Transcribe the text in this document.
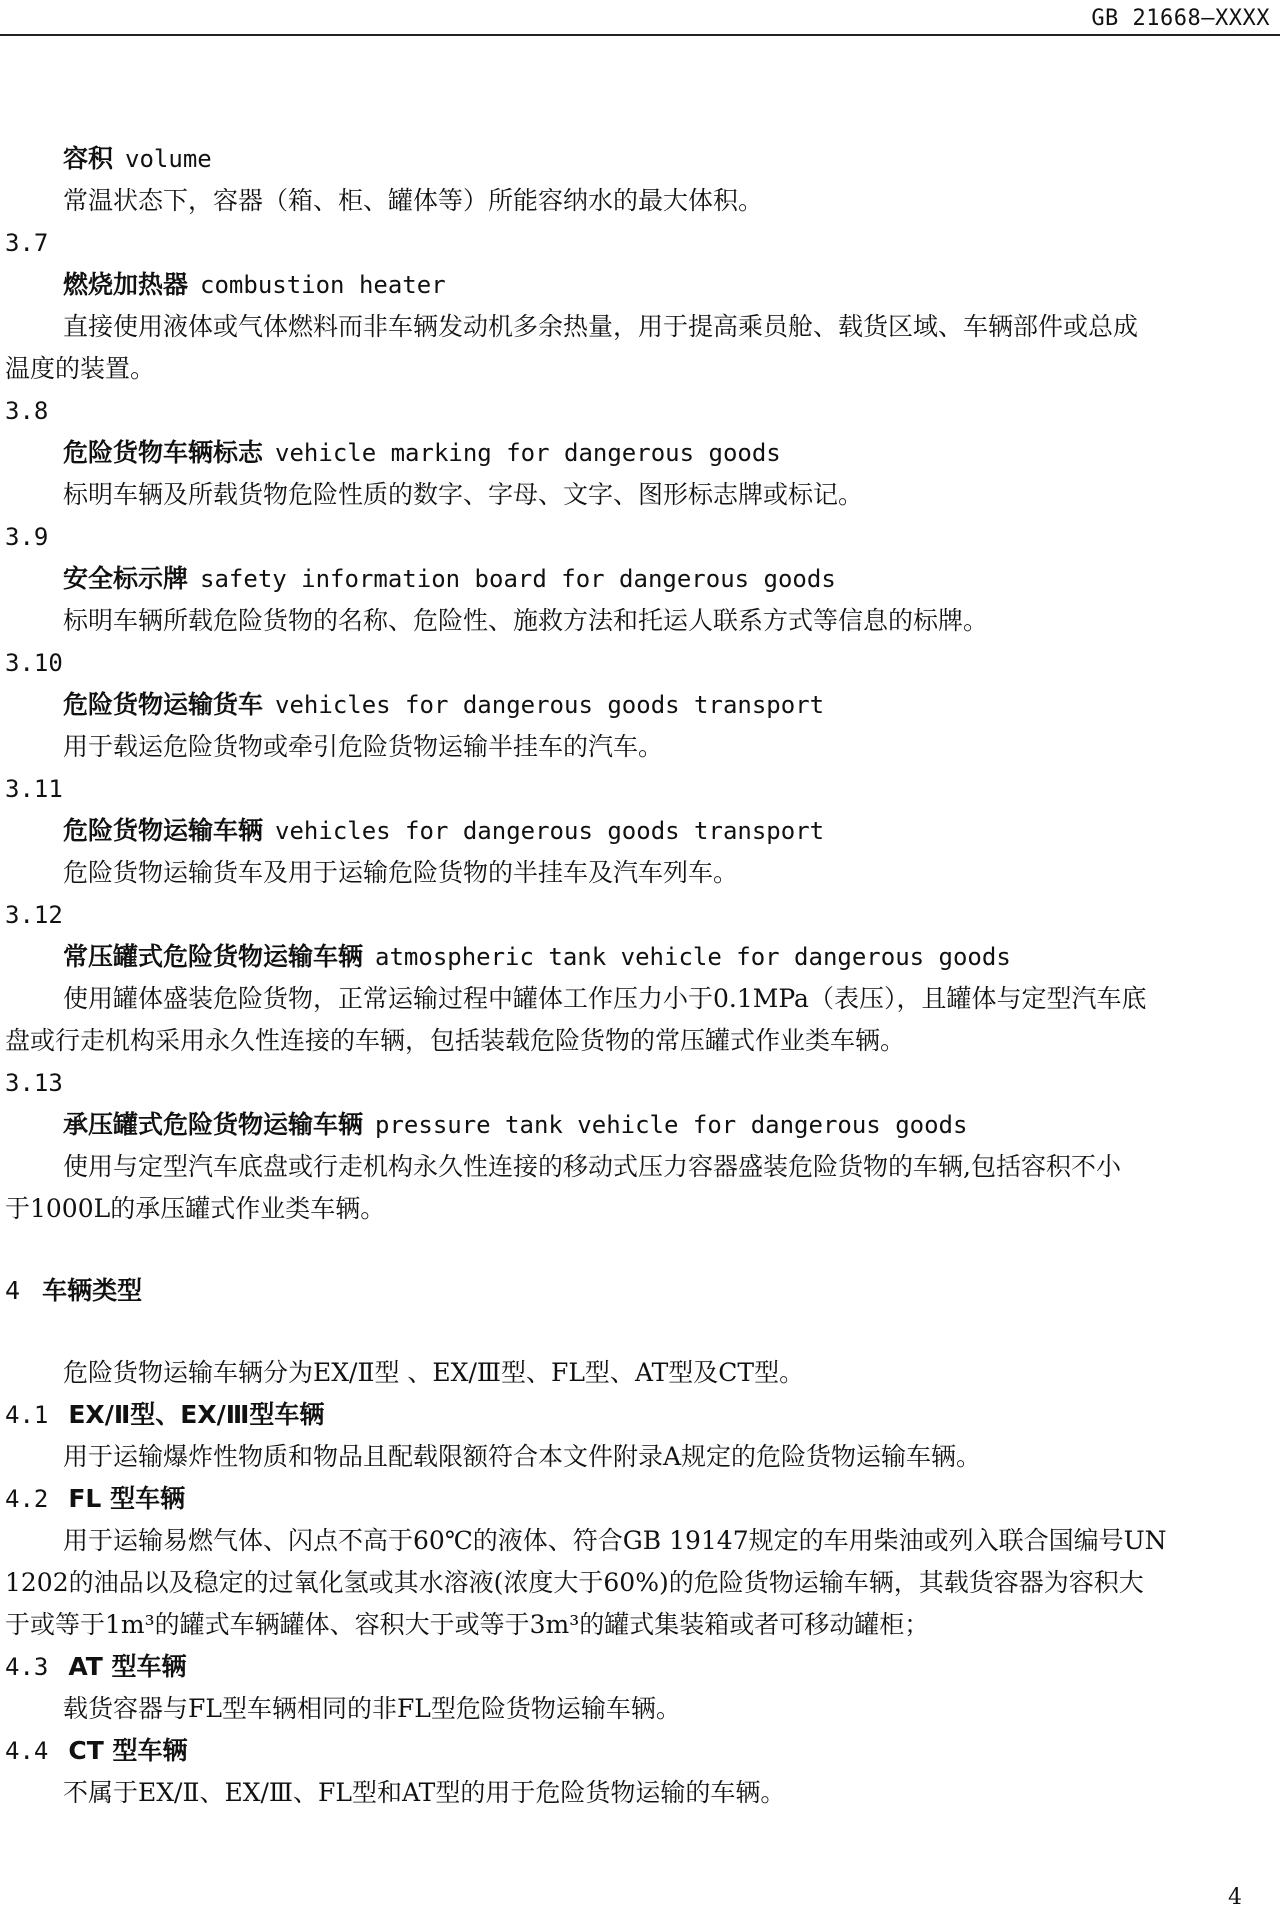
GB 21668—XXXX
容积 volume
常温状态下，容器（箱、柜、罐体等）所能容纳水的最大体积。
3.7
燃烧加热器 combustion heater
直接使用液体或气体燃料而非车辆发动机多余热量，用于提高乘员舱、载货区域、车辆部件或总成
温度的装置。
3.8
危险货物车辆标志 vehicle marking for dangerous goods
标明车辆及所载货物危险性质的数字、字母、文字、图形标志牌或标记。
3.9
安全标示牌 safety information board for dangerous goods
标明车辆所载危险货物的名称、危险性、施救方法和托运人联系方式等信息的标牌。
3.10
危险货物运输货车 vehicles for dangerous goods transport
用于载运危险货物或牵引危险货物运输半挂车的汽车。
3.11
危险货物运输车辆 vehicles for dangerous goods transport
危险货物运输货车及用于运输危险货物的半挂车及汽车列车。
3.12
常压罐式危险货物运输车辆 atmospheric tank vehicle for dangerous goods
使用罐体盛装危险货物，正常运输过程中罐体工作压力小于0.1MPa（表压），且罐体与定型汽车底
盘或行走机构采用永久性连接的车辆，包括装载危险货物的常压罐式作业类车辆。
3.13
承压罐式危险货物运输车辆 pressure tank vehicle for dangerous goods
使用与定型汽车底盘或行走机构永久性连接的移动式压力容器盛装危险货物的车辆,包括容积不小
于1000L的承压罐式作业类车辆。
4 车辆类型
危险货物运输车辆分为EX/Ⅱ型 、EX/Ⅲ型、FL型、AT型及CT型。
4.1 EX/Ⅱ型、EX/Ⅲ型车辆
用于运输爆炸性物质和物品且配载限额符合本文件附录A规定的危险货物运输车辆。
4.2 FL 型车辆
用于运输易燃气体、闪点不高于60℃的液体、符合GB 19147规定的车用柴油或列入联合国编号UN
1202的油品以及稳定的过氧化氢或其水溶液(浓度大于60%)的危险货物运输车辆，其载货容器为容积大
于或等于1m³的罐式车辆罐体、容积大于或等于3m³的罐式集装箱或者可移动罐柜；
4.3 AT 型车辆
载货容器与FL型车辆相同的非FL型危险货物运输车辆。
4.4 CT 型车辆
不属于EX/Ⅱ、EX/Ⅲ、FL型和AT型的用于危险货物运输的车辆。
4
